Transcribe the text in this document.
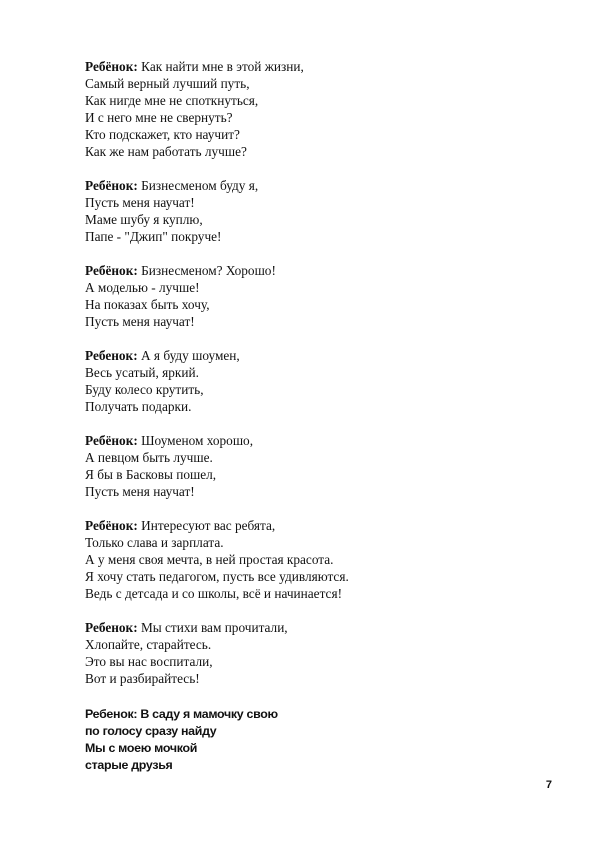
Ребёнок: Как найти мне в этой жизни,
Самый верный лучший путь,
Как нигде мне не споткнуться,
И с него мне не свернуть?
Кто подскажет, кто научит?
Как же нам работать лучше?
Ребёнок: Бизнесменом буду я,
Пусть меня научат!
Маме шубу я куплю,
Папе - "Джип" покруче!
Ребёнок: Бизнесменом? Хорошо!
А моделью - лучше!
На показах быть хочу,
Пусть меня научат!
Ребенок: А я буду шоумен,
Весь усатый, яркий.
Буду колесо крутить,
Получать подарки.
Ребёнок: Шоуменом хорошо,
А певцом быть лучше.
Я бы в Басковы пошел,
Пусть меня научат!
Ребёнок: Интересуют вас ребята,
Только слава и зарплата.
А у меня своя мечта, в ней простая красота.
Я хочу стать педагогом, пусть все удивляются.
Ведь с детсада и со школы, всё и начинается!
Ребенок: Мы стихи вам прочитали,
Хлопайте, старайтесь.
Это вы нас воспитали,
Вот и разбирайтесь!
Ребенок: В саду я мамочку свою
по голосу сразу найду
Мы с моею мочкой
старые друзья
7
